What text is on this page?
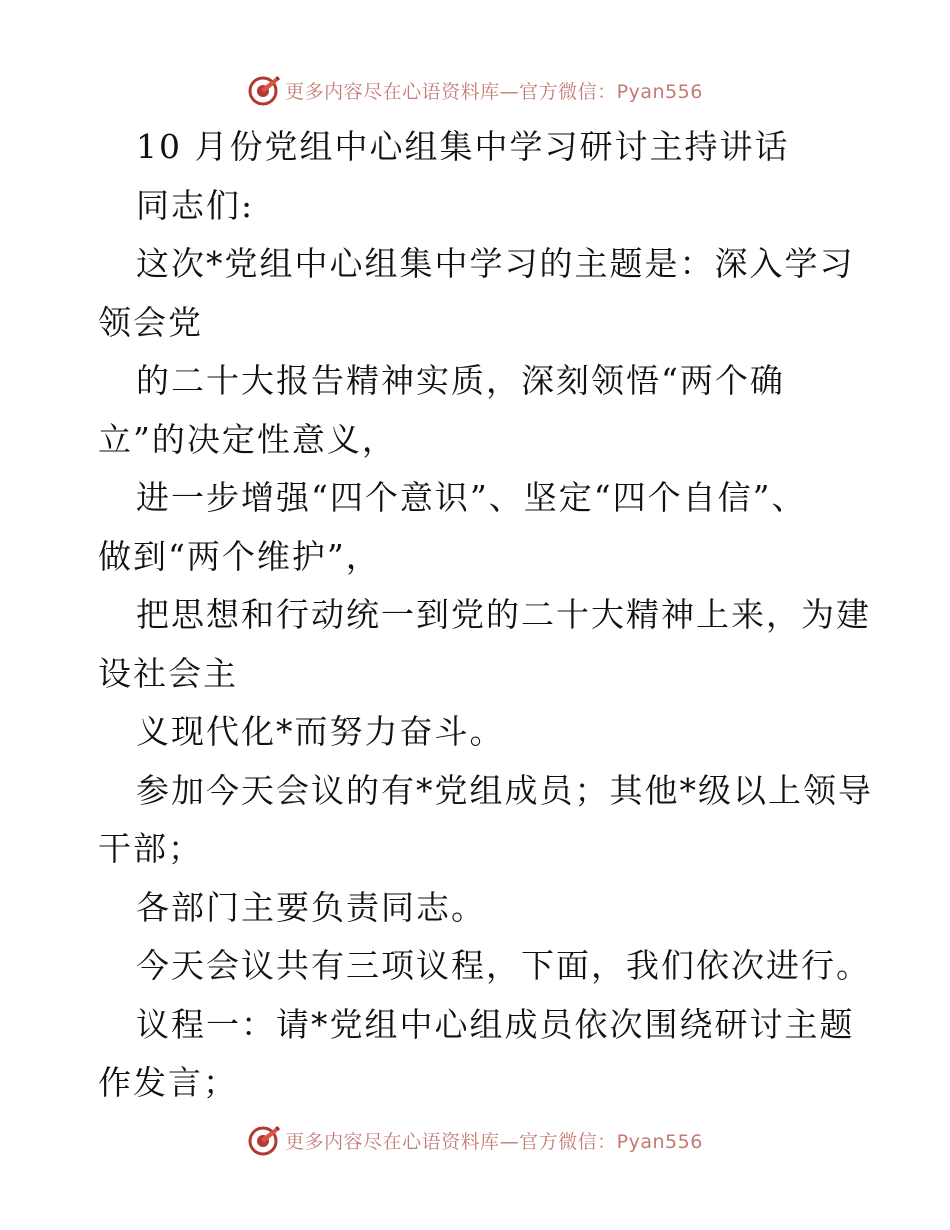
更多内容尽在心语资料库—官方微信：Pyan556
10 月份党组中心组集中学习研讨主持讲话
同志们:
这次*党组中心组集中学习的主题是：深入学习
领会党
的二十大报告精神实质，深刻领悟“两个确
立”的决定性意义，
进一步增强“四个意识”、坚定“四个自信”、
做到“两个维护”，
把思想和行动统一到党的二十大精神上来，为建
设社会主
义现代化*而努力奋斗。
参加今天会议的有*党组成员；其他*级以上领导
干部；
各部门主要负责同志。
今天会议共有三项议程，下面，我们依次进行。
议程一：请*党组中心组成员依次围绕研讨主题
作发言；
更多内容尽在心语资料库—官方微信：Pyan556
